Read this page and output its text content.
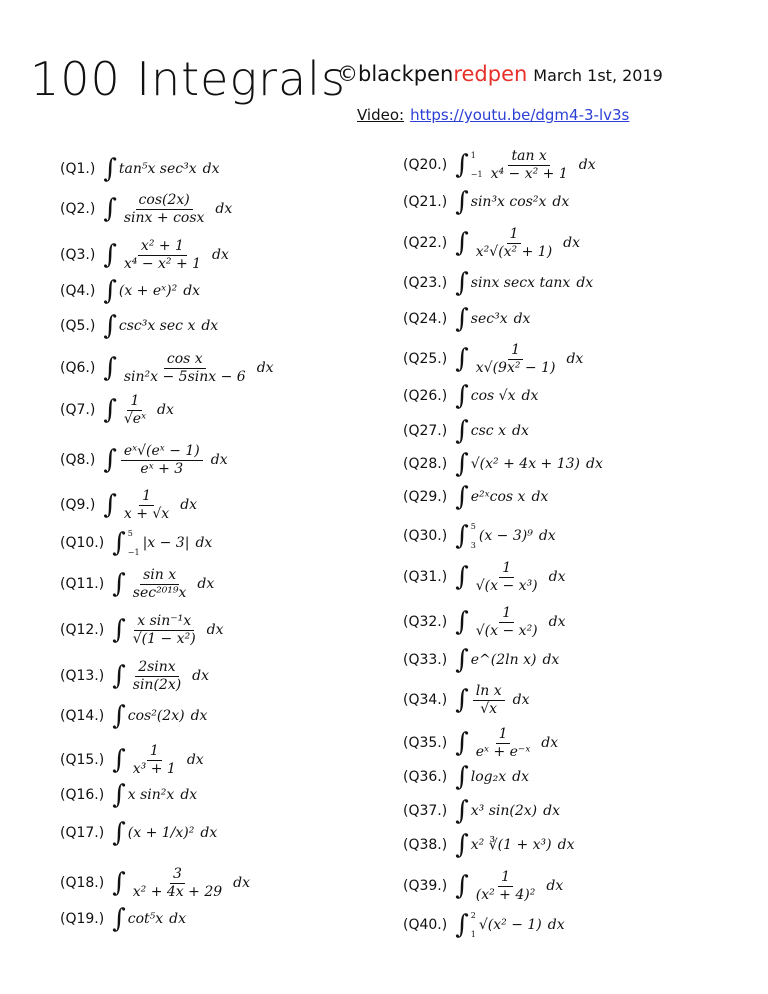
100 Integrals
©blackpenredpen March 1st, 2019
Video: https://youtu.be/dgm4-3-lv3s
(Q1.) ∫ tan⁵x sec³x dx
(Q2.) ∫ $\frac{\cos(2x)}{\sin x + \cos x}$ dx
(Q3.) ∫ $\frac{\text{x² + 1}}{\text{x⁴ − x² + 1}}$ dx
(Q4.) ∫ (x + eˣ)² dx
(Q5.) ∫ csc³x sec x dx
(Q6.) ∫ $\frac{\text{cos x}}{\text{sin²x − 5sinx − 6}}$ dx
(Q7.) ∫ $\frac{1}{\text{√eˣ}}$ dx
(Q8.) ∫ $\frac{\text{eˣ√(eˣ − 1)}}{\text{eˣ + 3}}$ dx
(Q9.) ∫ $\frac{1}{x + √x}$ dx
(Q10.) ∫ 5
−1
|x − 3| dx
(Q11.) ∫ $\frac{\text{sin x}}{\text{sec²⁰¹⁹x}}$ dx
(Q12.) ∫ $\frac{\text{x sin⁻¹x}}{\text{√(1 − x²)}}$ dx
(Q13.) ∫ $\frac{2\sin x}{\sin(2x)}$ dx
(Q14.) ∫ cos²(2x) dx
(Q15.) ∫ $\frac{1}{\text{x³ + 1}}$ dx
(Q16.) ∫ x sin²x dx
(Q17.) ∫ (x + 1/x)² dx
(Q18.) ∫ $\frac{3}{\text{x² + 4x + 29}}$ dx
(Q19.) ∫ cot⁵x dx
(Q20.) ∫ 1
$-1 \frac{\text{tan x}}{\text{x⁴ − x² + 1}}$ dx
(Q21.) ∫ sin³x cos²x dx
(Q22.) ∫ $\frac{1}{\text{x²√(x² + 1)}}$ dx
(Q23.) ∫ sinx secx tanx dx
(Q24.) ∫ sec³x dx
(Q25.) ∫ $\frac{1}{\text{x√(9x² − 1)}}$ dx
(Q26.) ∫ cos √x dx
(Q27.) ∫ csc x dx
(Q28.) ∫ √(x² + 4x + 13) dx
(Q29.) ∫ e²ˣcos x dx
(Q30.) ∫ 5
3
(x − 3)⁹ dx
(Q31.) ∫ $\frac{1}{\text{√(x − x³)}}$ dx
(Q32.) ∫ $\frac{1}{\text{√(x − x²)}}$ dx
(Q33.) ∫ e^(2ln x) dx
(Q34.) ∫ $\frac{\text{ln x}}{√x}$ dx
(Q35.) ∫ $\frac{1}{\text{eˣ + e⁻ˣ}}$ dx
(Q36.) ∫ log₂x dx
(Q37.) ∫ x³ sin(2x) dx
(Q38.) ∫ x² ∛(1 + x³) dx
(Q39.) ∫ $\frac{1}{\text{(x² + 4)²}}$ dx
(Q40.) ∫ 2
1
√(x² − 1) dx
